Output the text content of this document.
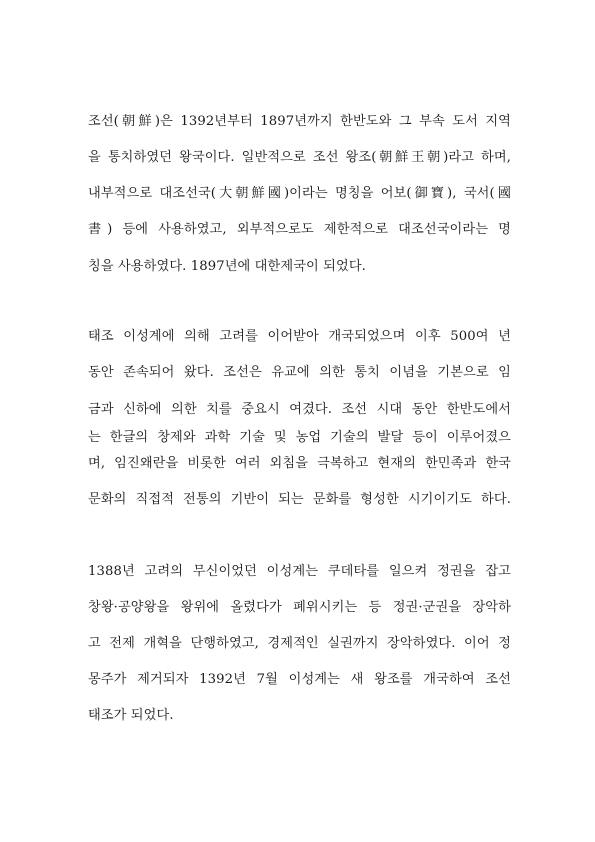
조선(朝鮮)은 1392년부터 1897년까지 한반도와 그 부속 도서 지역
을 통치하였던 왕국이다. 일반적으로 조선 왕조(朝鮮王朝)라고 하며,
내부적으로 대조선국(大朝鮮國)이라는 명칭을 어보(御寶), 국서(國
書) 등에 사용하였고, 외부적으로도 제한적으로 대조선국이라는 명
칭을 사용하였다. 1897년에 대한제국이 되었다.
태조 이성계에 의해 고려를 이어받아 개국되었으며 이후 500여 년
동안 존속되어 왔다. 조선은 유교에 의한 통치 이념을 기본으로 임
금과 신하에 의한 치를 중요시 여겼다. 조선 시대 동안 한반도에서
는 한글의 창제와 과학 기술 및 농업 기술의 발달 등이 이루어졌으
며, 임진왜란을 비롯한 여러 외침을 극복하고 현재의 한민족과 한국
문화의 직접적 전통의 기반이 되는 문화를 형성한 시기이기도 하다.
1388년 고려의 무신이었던 이성계는 쿠데타를 일으켜 정권을 잡고
창왕·공양왕을 왕위에 올렸다가 폐위시키는 등 정권·군권을 장악하
고 전제 개혁을 단행하였고, 경제적인 실권까지 장악하였다. 이어 정
몽주가 제거되자 1392년 7월 이성계는 새 왕조를 개국하여 조선
태조가 되었다.
